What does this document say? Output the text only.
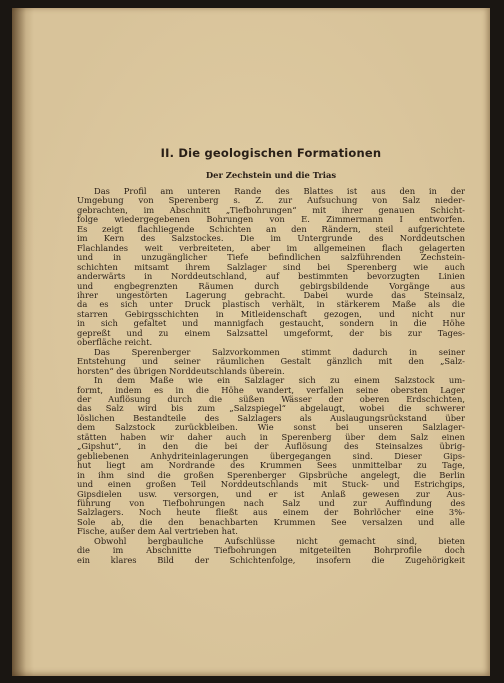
II. Die geologischen Formationen
Der Zechstein und die Trias

Das Profil am unteren Rande des Blattes ist aus den in der
Umgebung von Sperenberg s. Z. zur Aufsuchung von Salz nieder-
gebrachten, im Abschnitt „Tiefbohrungen“ mit ihrer genauen Schicht-
folge wiedergegebenen Bohrungen von E. Zimmermann I entworfen.
Es zeigt flachliegende Schichten an den Rändern, steil aufgerichtete
im Kern des Salzstockes. Die im Untergrunde des Norddeutschen
Flachlandes weit verbreiteten, aber im allgemeinen flach gelagerten
und in unzugänglicher Tiefe befindlichen salzführenden Zechstein-
schichten mitsamt ihrem Salzlager sind bei Sperenberg wie auch
anderwärts in Norddeutschland, auf bestimmten bevorzugten Linien
und engbegrenzten Räumen durch gebirgsbildende Vorgänge aus
ihrer ungestörten Lagerung gebracht. Dabei wurde das Steinsalz,
da es sich unter Druck plastisch verhält, in stärkerem Maße als die
starren Gebirgsschichten in Mitleidenschaft gezogen, und nicht nur
in sich gefaltet und mannigfach gestaucht, sondern in die Höhe
gepreßt und zu einem Salzsattel umgeformt, der bis zur Tages-
oberfläche reicht.

Das Sperenberger Salzvorkommen stimmt dadurch in seiner
Entstehung und seiner räumlichen Gestalt gänzlich mit den „Salz-
horsten“ des übrigen Norddeutschlands überein.

In dem Maße wie ein Salzlager sich zu einem Salzstock um-
formt, indem es in die Höhe wandert, verfallen seine obersten Lager
der Auflösung durch die süßen Wässer der oberen Erdschichten,
das Salz wird bis zum „Salzspiegel“ abgelaugt, wobei die schwerer
löslichen Bestandteile des Salzlagers als Auslaugungsrückstand über
dem Salzstock zurückbleiben. Wie sonst bei unseren Salzlager-
stätten haben wir daher auch in Sperenberg über dem Salz einen
„Gipshut“, in den die bei der Auflösung des Steinsalzes übrig-
gebliebenen Anhydriteinlagerungen übergegangen sind. Dieser Gips-
hut liegt am Nordrande des Krummen Sees unmittelbar zu Tage,
in ihm sind die großen Sperenberger Gipsbrüche angelegt, die Berlin
und einen großen Teil Norddeutschlands mit Stuck- und Estrichgips,
Gipsdielen usw. versorgen, und er ist Anlaß gewesen zur Aus-
führung von Tiefbohrungen nach Salz und zur Auffindung des
Salzlagers. Noch heute fließt aus einem der Bohrlöcher eine 3%-
Sole ab, die den benachbarten Krummen See versalzen und alle
Fische, außer dem Aal vertrieben hat.

Obwohl bergbauliche Aufschlüsse nicht gemacht sind, bieten
die im Abschnitte Tiefbohrungen mitgeteilten Bohrprofile doch
ein klares Bild der Schichtenfolge, insofern die Zugehörigkeit
